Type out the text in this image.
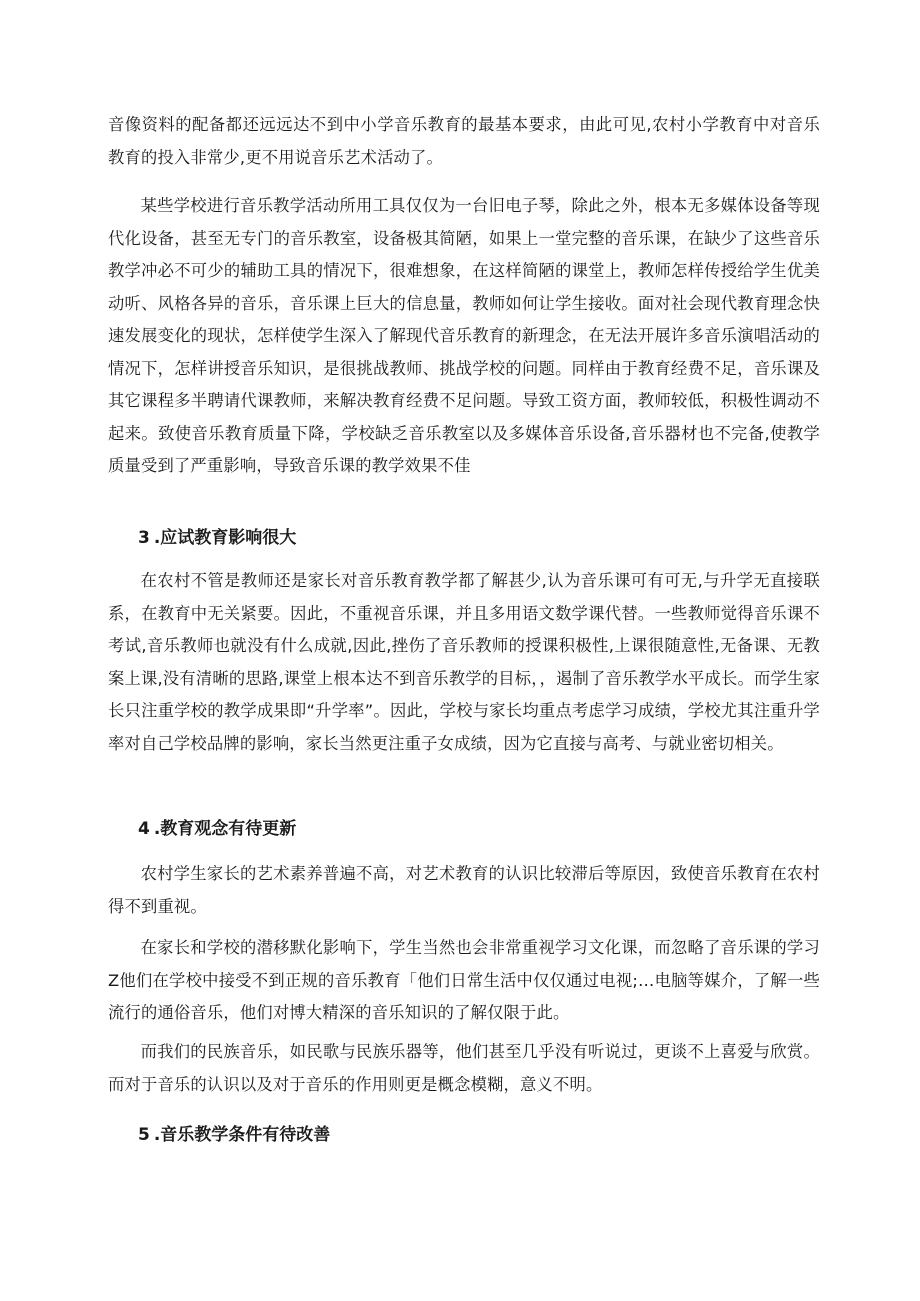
音像资料的配备都还远远达不到中小学音乐教育的最基本要求，由此可见,农村小学教育中对音乐教育的投入非常少,更不用说音乐艺术活动了。

某些学校进行音乐教学活动所用工具仅仅为一台旧电子琴，除此之外，根本无多媒体设备等现代化设备，甚至无专门的音乐教室，设备极其简陋，如果上一堂完整的音乐课，在缺少了这些音乐教学冲必不可少的辅助工具的情况下，很难想象，在这样简陋的课堂上，教师怎样传授给学生优美动听、风格各异的音乐，音乐课上巨大的信息量，教师如何让学生接收。面对社会现代教育理念快速发展变化的现状，怎样使学生深入了解现代音乐教育的新理念，在无法开展许多音乐演唱活动的情况下，怎样讲授音乐知识，是很挑战教师、挑战学校的问题。同样由于教育经费不足，音乐课及其它课程多半聘请代课教师，来解决教育经费不足问题。导致工资方面，教师较低，积极性调动不起来。致使音乐教育质量下降，学校缺乏音乐教室以及多媒体音乐设备,音乐器材也不完备,使教学质量受到了严重影响，导致音乐课的教学效果不佳

3 .应试教育影响很大

在农村不管是教师还是家长对音乐教育教学都了解甚少,认为音乐课可有可无,与升学无直接联系，在教育中无关紧要。因此，不重视音乐课，并且多用语文数学课代替。一些教师觉得音乐课不考试,音乐教师也就没有什么成就,因此,挫伤了音乐教师的授课积极性,上课很随意性,无备课、无教案上课,没有清晰的思路,课堂上根本达不到音乐教学的目标，，遏制了音乐教学水平成长。而学生家长只注重学校的教学成果即“升学率”。因此，学校与家长均重点考虑学习成绩，学校尤其注重升学率对自己学校品牌的影响，家长当然更注重子女成绩，因为它直接与高考、与就业密切相关。

4 .教育观念有待更新

农村学生家长的艺术素养普遍不高，对艺术教育的认识比较滞后等原因，致使音乐教育在农村得不到重视。

在家长和学校的潜移默化影响下，学生当然也会非常重视学习文化课，而忽略了音乐课的学习Z他们在学校中接受不到正规的音乐教育「他们日常生活中仅仅通过电视;…电脑等媒介，了解一些流行的通俗音乐，他们对博大精深的音乐知识的了解仅限于此。

而我们的民族音乐，如民歌与民族乐器等，他们甚至几乎没有听说过，更谈不上喜爱与欣赏。而对于音乐的认识以及对于音乐的作用则更是概念模糊，意义不明。

5 .音乐教学条件有待改善
